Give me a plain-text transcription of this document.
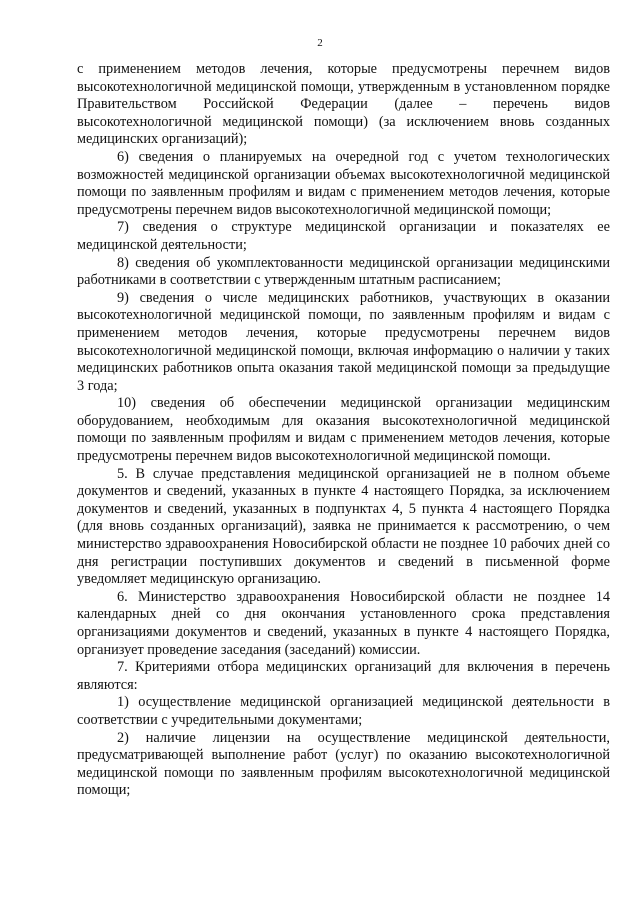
2

с применением методов лечения, которые предусмотрены перечнем видов высокотехнологичной медицинской помощи, утвержденным в установленном порядке Правительством Российской Федерации (далее – перечень видов высокотехнологичной медицинской помощи) (за исключением вновь созданных медицинских организаций);

6) сведения о планируемых на очередной год с учетом технологических возможностей медицинской организации объемах высокотехнологичной медицинской помощи по заявленным профилям и видам с применением методов лечения, которые предусмотрены перечнем видов высокотехнологичной медицинской помощи;

7) сведения о структуре медицинской организации и показателях ее медицинской деятельности;

8) сведения об укомплектованности медицинской организации медицинскими работниками в соответствии с утвержденным штатным расписанием;

9) сведения о числе медицинских работников, участвующих в оказании высокотехнологичной медицинской помощи, по заявленным профилям и видам с применением методов лечения, которые предусмотрены перечнем видов высокотехнологичной медицинской помощи, включая информацию о наличии у таких медицинских работников опыта оказания такой медицинской помощи за предыдущие 3 года;

10) сведения об обеспечении медицинской организации медицинским оборудованием, необходимым для оказания высокотехнологичной медицинской помощи по заявленным профилям и видам с применением методов лечения, которые предусмотрены перечнем видов высокотехнологичной медицинской помощи.

5. В случае представления медицинской организацией не в полном объеме документов и сведений, указанных в пункте 4 настоящего Порядка, за исключением документов и сведений, указанных в подпунктах 4, 5 пункта 4 настоящего Порядка (для вновь созданных организаций), заявка не принимается к рассмотрению, о чем министерство здравоохранения Новосибирской области не позднее 10 рабочих дней со дня регистрации поступивших документов и сведений в письменной форме уведомляет медицинскую организацию.

6. Министерство здравоохранения Новосибирской области не позднее 14 календарных дней со дня окончания установленного срока представления организациями документов и сведений, указанных в пункте 4 настоящего Порядка, организует проведение заседания (заседаний) комиссии.

7. Критериями отбора медицинских организаций для включения в перечень являются:

1) осуществление медицинской организацией медицинской деятельности в соответствии с учредительными документами;

2) наличие лицензии на осуществление медицинской деятельности, предусматривающей выполнение работ (услуг) по оказанию высокотехнологичной медицинской помощи по заявленным профилям высокотехнологичной медицинской помощи;
